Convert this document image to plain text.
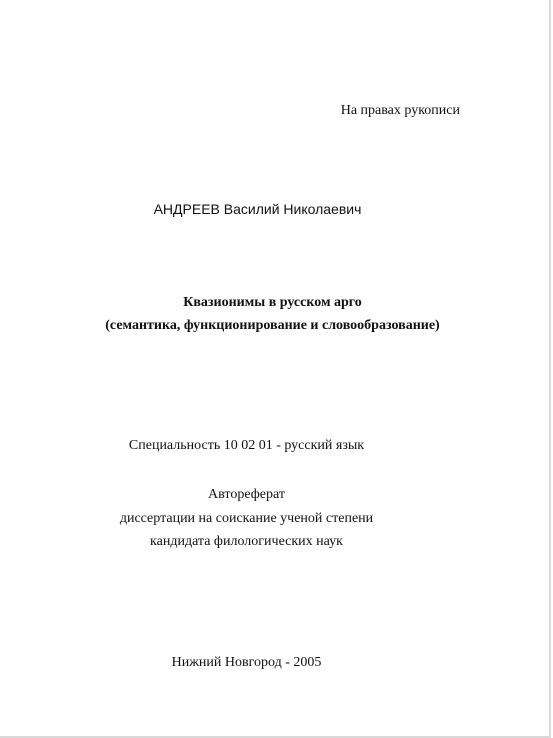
На правах рукописи
АНДРЕЕВ Василий Николаевич
Квазионимы в русском арго
(семантика, функционирование и словообразование)
Специальность 10 02 01 - русский язык
Автореферат
диссертации на соискание ученой степени
кандидата филологических наук
Нижний Новгород - 2005
